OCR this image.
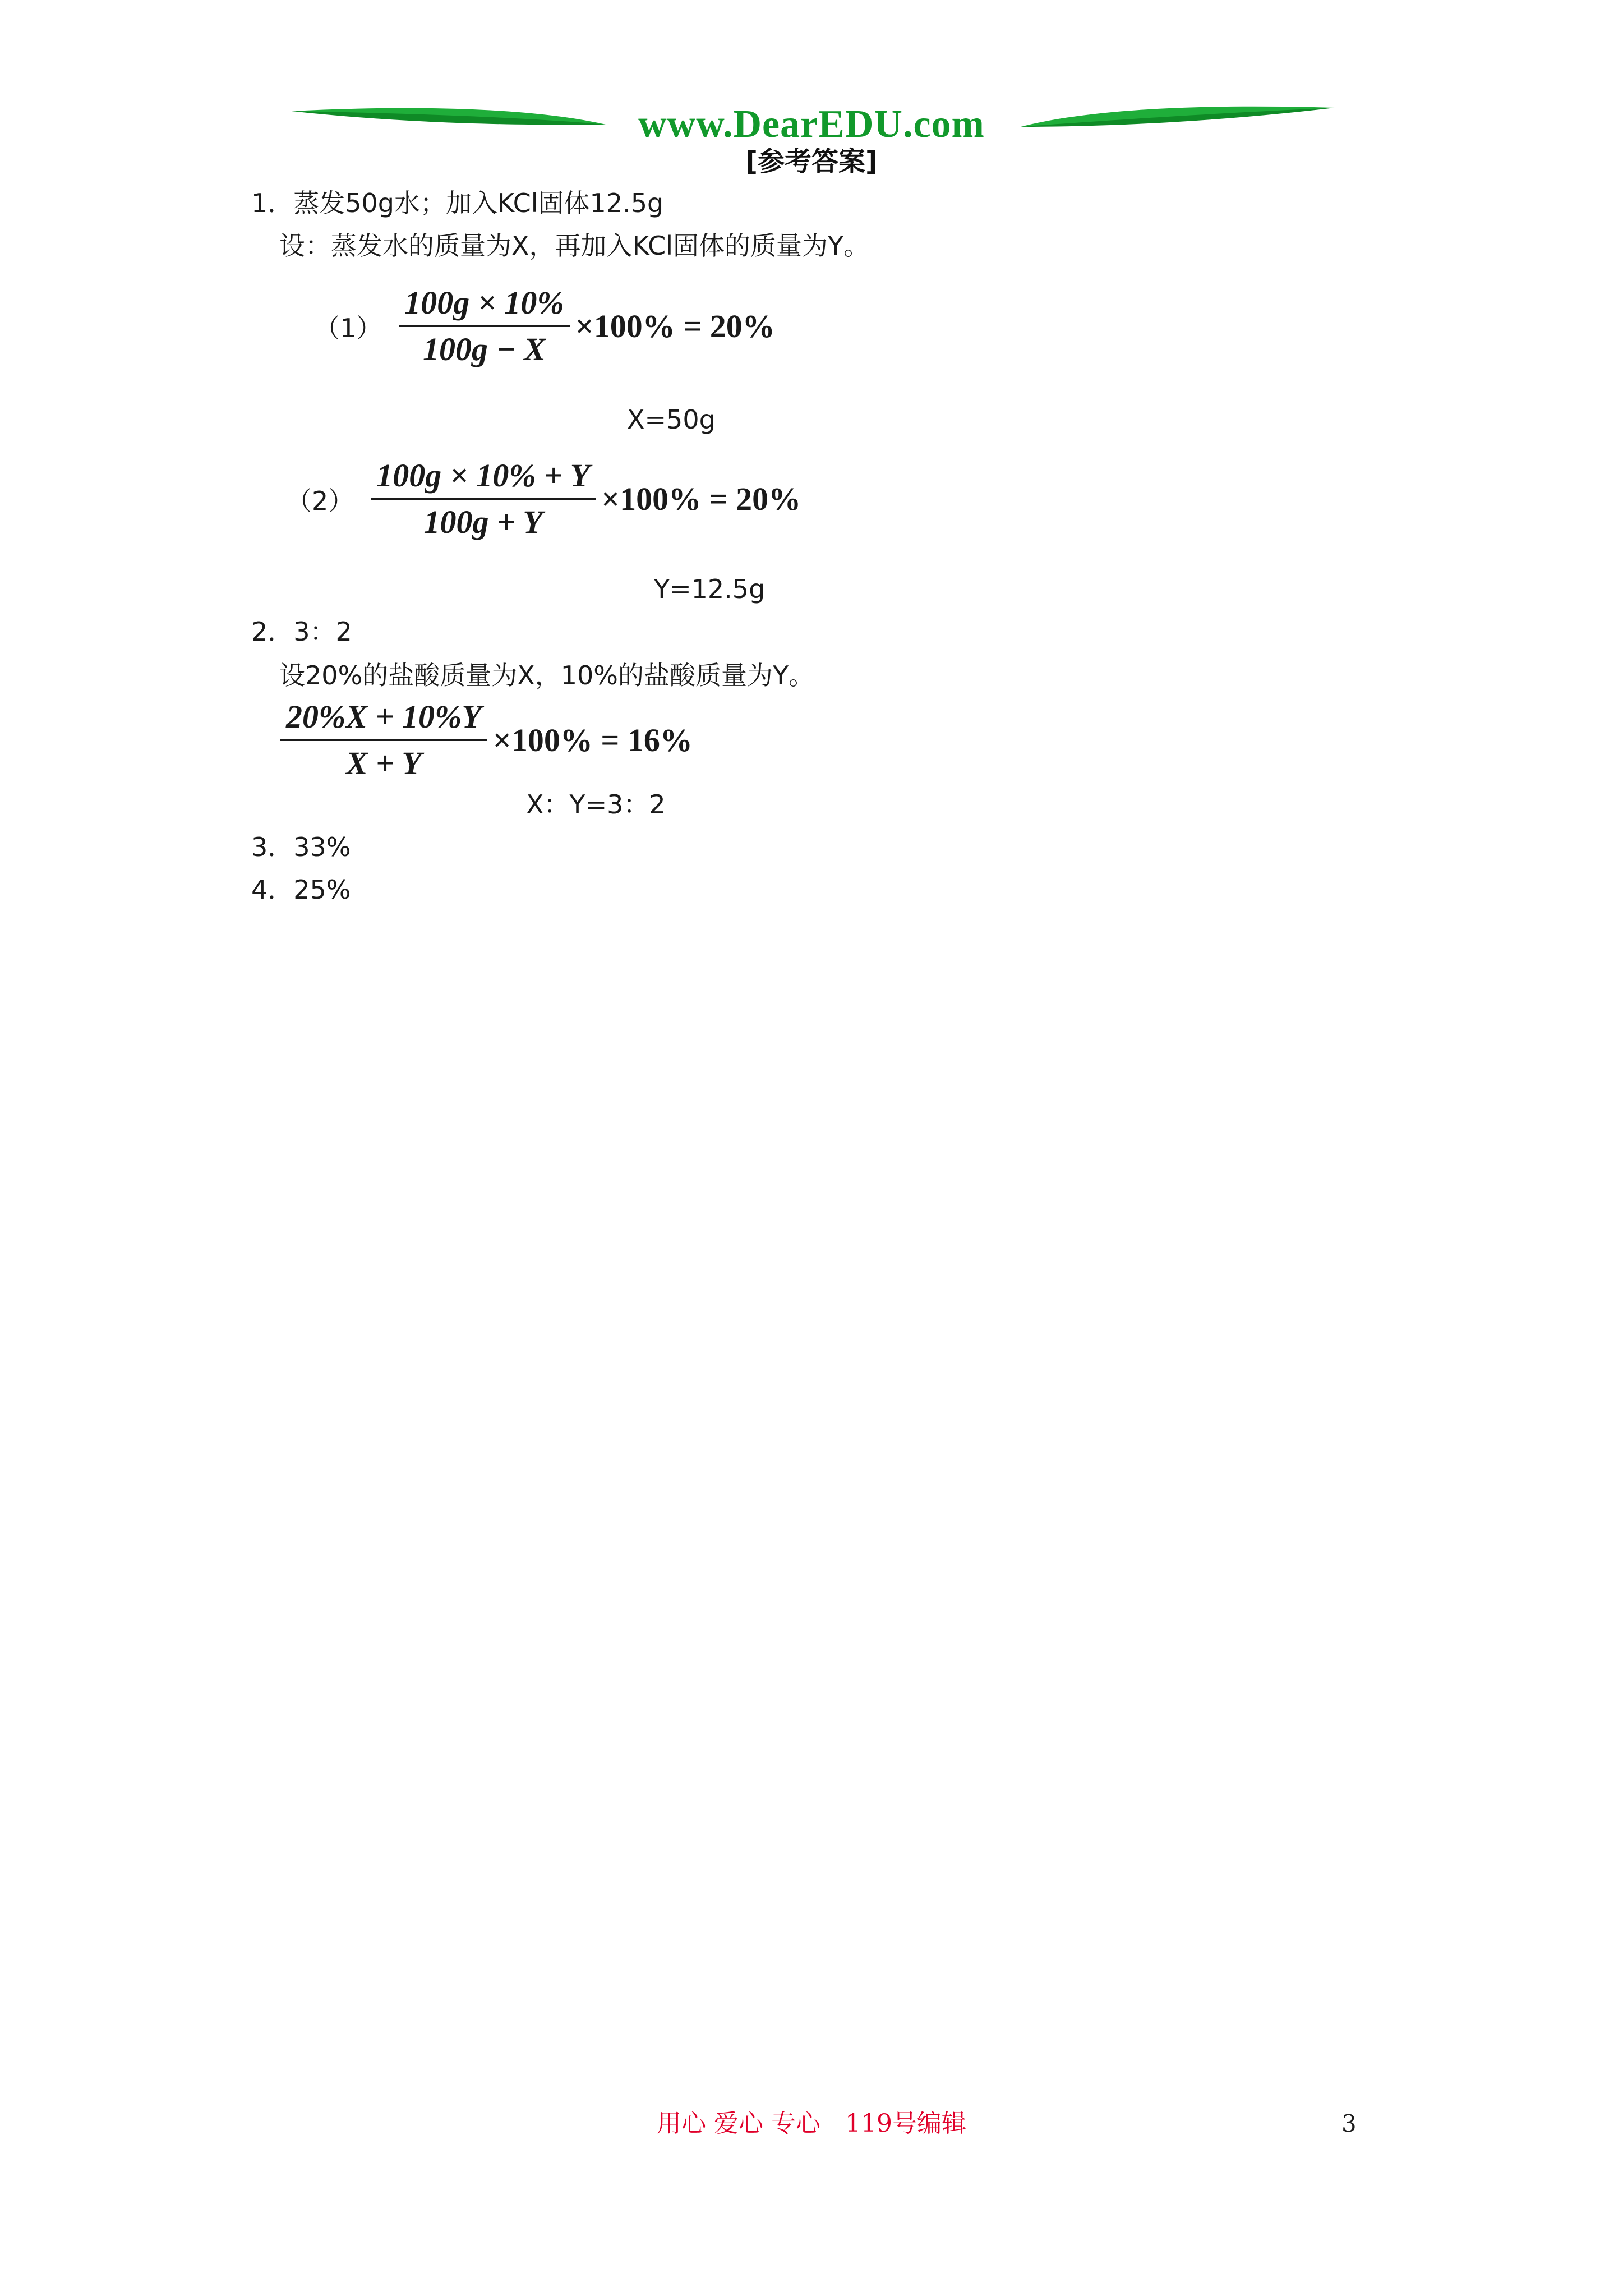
www.DearEDU.com
[参考答案]
1．蒸发50g水；加入KCl固体12.5g
设：蒸发水的质量为X，再加入KCl固体的质量为Y。
$(1) \frac{100g \times 10\%}{100g - X} \times 100\% = 20\%$
X=50g
$(2) \frac{100g \times 10\% + Y}{100g + Y} \times 100\% = 20\%$
Y=12.5g
2．3：2
设20%的盐酸质量为X，10%的盐酸质量为Y。
$\frac{20\%X + 10\%Y}{X + Y} \times 100\% = 16\%$
X：Y=3：2
3．33%
4．25%
用心 爱心 专心　119号编辑	3
